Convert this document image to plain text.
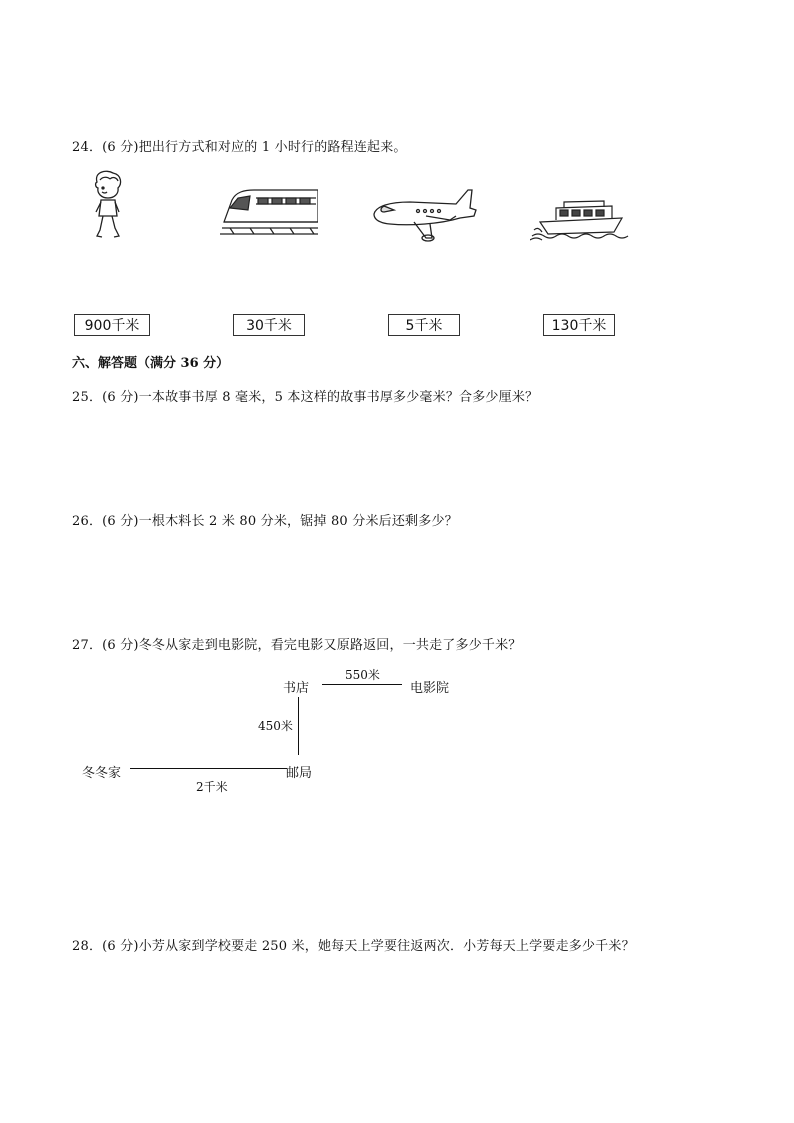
24．(6 分)把出行方式和对应的 1 小时行的路程连起来。
900千米	30千米	5千米	130千米
六、解答题（满分 36 分）
25．(6 分)一本故事书厚 8 毫米，5 本这样的故事书厚多少毫米？合多少厘米？
26．(6 分)一根木料长 2 米 80 分米，锯掉 80 分米后还剩多少？
27．(6 分)冬冬从家走到电影院，看完电影又原路返回，一共走了多少千米？
书店
550米
电影院
450米
冬冬家	邮局
2千米
28．(6 分)小芳从家到学校要走 250 米，她每天上学要往返两次．小芳每天上学要走多少千米？
